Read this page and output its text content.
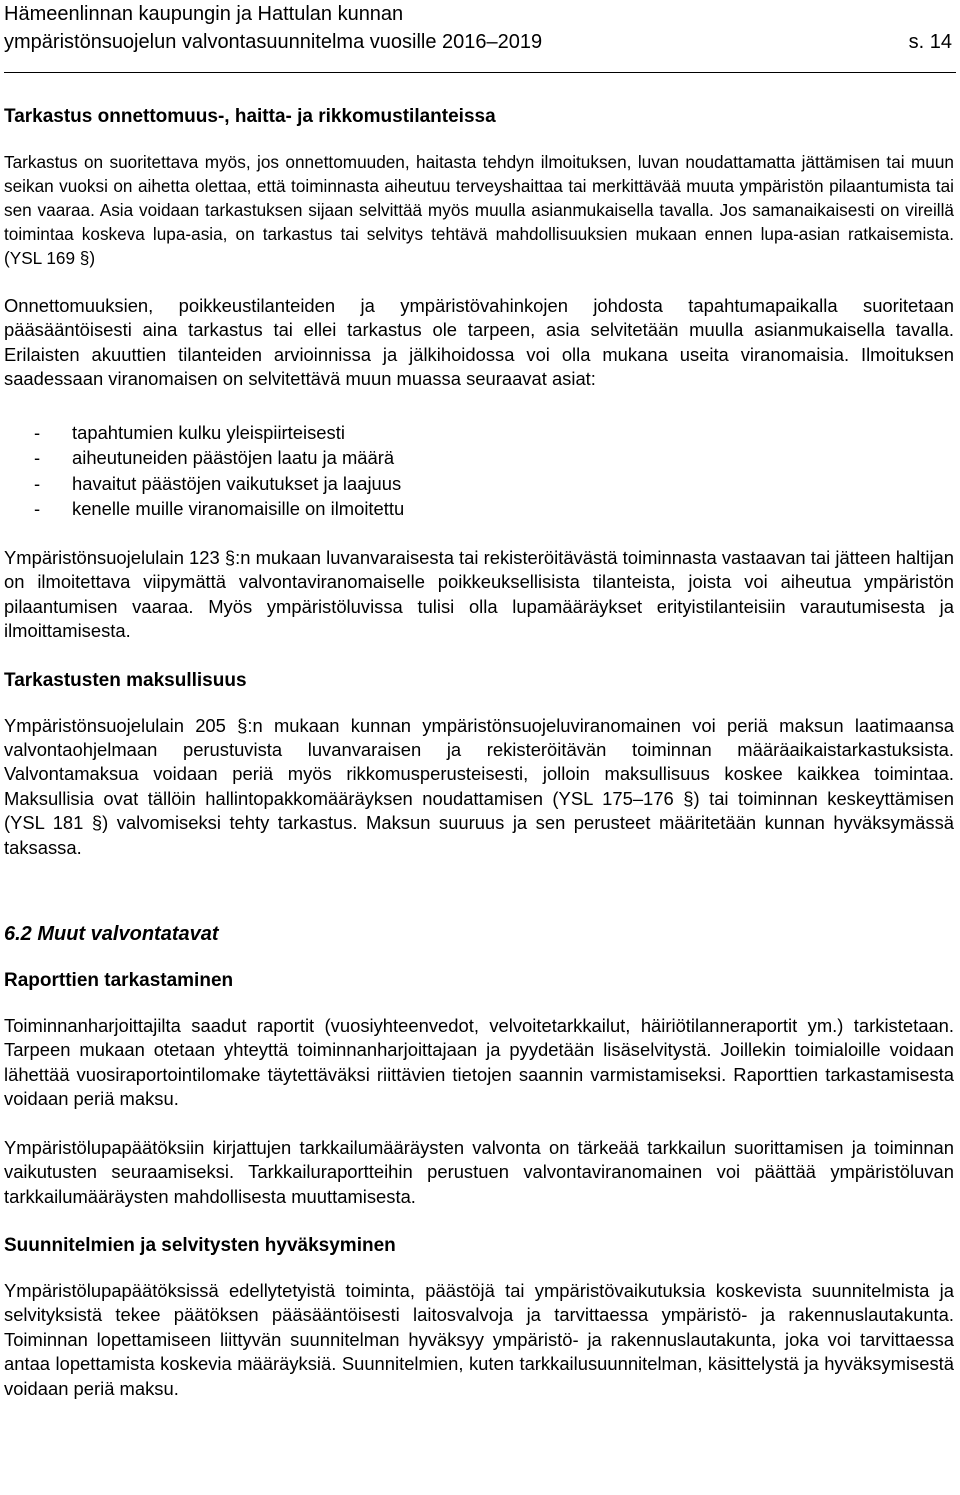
Hämeenlinnan kaupungin ja Hattulan kunnan
ympäristönsuojelun valvontasuunnitelma vuosille 2016–2019	s. 14
Tarkastus onnettomuus-, haitta- ja rikkomustilanteissa

Tarkastus on suoritettava myös, jos onnettomuuden, haitasta tehdyn ilmoituksen, luvan noudattamatta jättämisen tai muun seikan vuoksi on aihetta olettaa, että toiminnasta aiheutuu terveyshaittaa tai merkittävää muuta ympäristön pilaantumista tai sen vaaraa. Asia voidaan tarkastuksen sijaan selvittää myös muulla asianmukaisella tavalla. Jos samanaikaisesti on vireillä toimintaa koskeva lupa-asia, on tarkastus tai selvitys tehtävä mahdollisuuksien mukaan ennen lupa-asian ratkaisemista. (YSL 169 §)

Onnettomuuksien, poikkeustilanteiden ja ympäristövahinkojen johdosta tapahtumapaikalla suoritetaan pääsääntöisesti aina tarkastus tai ellei tarkastus ole tarpeen, asia selvitetään muulla asianmukaisella tavalla. Erilaisten akuuttien tilanteiden arvioinnissa ja jälkihoidossa voi olla mukana useita viranomaisia. Ilmoituksen saadessaan viranomaisen on selvitettävä muun muassa seuraavat asiat:

- tapahtumien kulku yleispiirteisesti
- aiheutuneiden päästöjen laatu ja määrä
- havaitut päästöjen vaikutukset ja laajuus
- kenelle muille viranomaisille on ilmoitettu

Ympäristönsuojelulain 123 §:n mukaan luvanvaraisesta tai rekisteröitävästä toiminnasta vastaavan tai jätteen haltijan on ilmoitettava viipymättä valvontaviranomaiselle poikkeuksellisista tilanteista, joista voi aiheutua ympäristön pilaantumisen vaaraa. Myös ympäristöluvissa tulisi olla lupamääräykset erityistilanteisiin varautumisesta ja ilmoittamisesta.

Tarkastusten maksullisuus

Ympäristönsuojelulain 205 §:n mukaan kunnan ympäristönsuojeluviranomainen voi periä maksun laatimaansa valvontaohjelmaan perustuvista luvanvaraisen ja rekisteröitävän toiminnan määräaikaistarkastuksista. Valvontamaksua voidaan periä myös rikkomusperusteisesti, jolloin maksullisuus koskee kaikkea toimintaa. Maksullisia ovat tällöin hallintopakkomääräyksen noudattamisen (YSL 175–176 §) tai toiminnan keskeyttämisen (YSL 181 §) valvomiseksi tehty tarkastus. Maksun suuruus ja sen perusteet määritetään kunnan hyväksymässä taksassa.

6.2 Muut valvontatavat
Raporttien tarkastaminen

Toiminnanharjoittajilta saadut raportit (vuosiyhteenvedot, velvoitetarkkailut, häiriötilanneraportit ym.) tarkistetaan. Tarpeen mukaan otetaan yhteyttä toiminnanharjoittajaan ja pyydetään lisäselvitystä. Joillekin toimialoille voidaan lähettää vuosiraportointilomake täytettäväksi riittävien tietojen saannin varmistamiseksi. Raporttien tarkastamisesta voidaan periä maksu.

Ympäristölupapäätöksiin kirjattujen tarkkailumääräysten valvonta on tärkeää tarkkailun suorittamisen ja toiminnan vaikutusten seuraamiseksi. Tarkkailuraportteihin perustuen valvontaviranomainen voi päättää ympäristöluvan tarkkailumääräysten mahdollisesta muuttamisesta.

Suunnitelmien ja selvitysten hyväksyminen

Ympäristölupapäätöksissä edellytetyistä toiminta, päästöjä tai ympäristövaikutuksia koskevista suunnitelmista ja selvityksistä tekee päätöksen pääsääntöisesti laitosvalvoja ja tarvittaessa ympäristö- ja rakennuslautakunta. Toiminnan lopettamiseen liittyvän suunnitelman hyväksyy ympäristö- ja rakennuslautakunta, joka voi tarvittaessa antaa lopettamista koskevia määräyksiä. Suunnitelmien, kuten tarkkailusuunnitelman, käsittelystä ja hyväksymisestä voidaan periä maksu.
